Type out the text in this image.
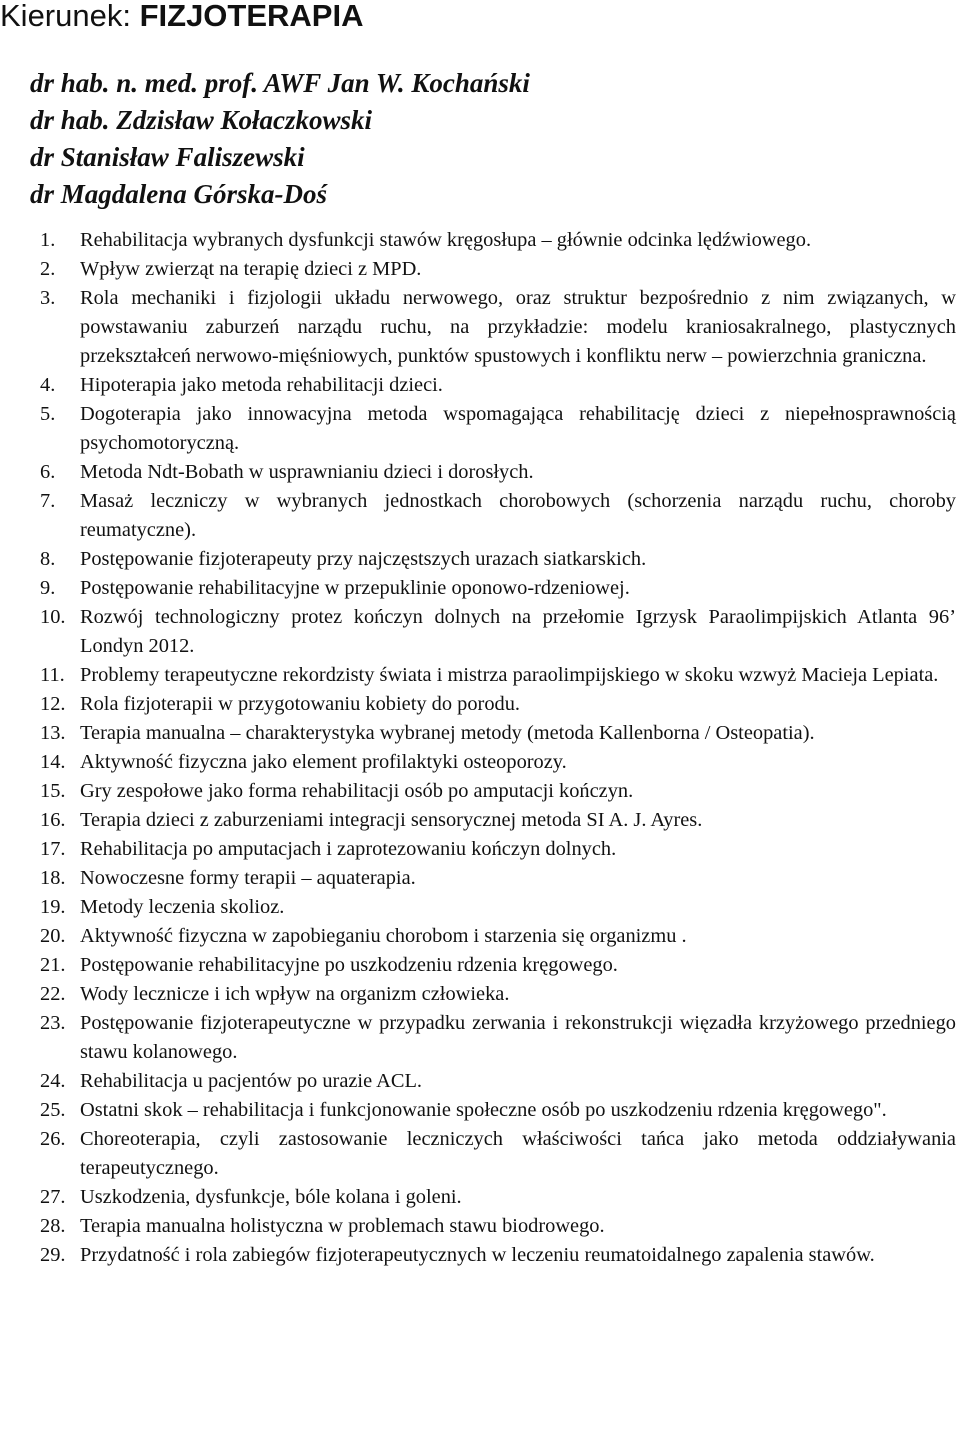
Kierunek: FIZJOTERAPIA
dr hab. n. med. prof. AWF Jan W. Kochański
dr hab. Zdzisław Kołaczkowski
dr Stanisław Faliszewski
dr Magdalena Górska-Doś
1.	Rehabilitacja wybranych dysfunkcji stawów kręgosłupa – głównie odcinka lędźwiowego.
2.	Wpływ zwierząt na terapię dzieci z MPD.
3.	Rola mechaniki i fizjologii układu nerwowego, oraz struktur bezpośrednio z nim związanych, w powstawaniu zaburzeń narządu ruchu, na przykładzie: modelu kraniosakralnego, plastycznych przekształceń nerwowo-mięśniowych, punktów spustowych i konfliktu nerw – powierzchnia graniczna.
4.	Hipoterapia jako metoda rehabilitacji dzieci.
5.	Dogoterapia jako innowacyjna metoda wspomagająca rehabilitację dzieci z niepełnosprawnością psychomotoryczną.
6.	Metoda Ndt-Bobath w usprawnianiu dzieci i dorosłych.
7.	Masaż leczniczy w wybranych jednostkach chorobowych (schorzenia narządu ruchu, choroby reumatyczne).
8.	Postępowanie fizjoterapeuty przy najczęstszych urazach siatkarskich.
9.	Postępowanie rehabilitacyjne w przepuklinie oponowo-rdzeniowej.
10. Rozwój technologiczny protez kończyn dolnych na przełomie Igrzysk Paraolimpijskich Atlanta 96’ Londyn 2012.
11. Problemy terapeutyczne rekordzisty świata i mistrza paraolimpijskiego w skoku wzwyż Macieja Lepiata.
12. Rola fizjoterapii w przygotowaniu kobiety do porodu.
13. Terapia manualna – charakterystyka wybranej metody (metoda Kallenborna / Osteopatia).
14. Aktywność fizyczna jako element profilaktyki osteoporozy.
15. Gry zespołowe jako forma rehabilitacji osób po amputacji kończyn.
16. Terapia dzieci z zaburzeniami integracji sensorycznej metoda SI A. J. Ayres.
17. Rehabilitacja po amputacjach i zaprotezowaniu kończyn dolnych.
18. Nowoczesne formy terapii – aquaterapia.
19. Metody leczenia skolioz.
20. Aktywność fizyczna w zapobieganiu chorobom i starzenia się organizmu .
21. Postępowanie rehabilitacyjne po uszkodzeniu rdzenia kręgowego.
22. Wody lecznicze i ich wpływ na organizm człowieka.
23. Postępowanie fizjoterapeutyczne w przypadku zerwania i rekonstrukcji więzadła krzyżowego przedniego stawu kolanowego.
24. Rehabilitacja u pacjentów po urazie ACL.
25. Ostatni skok – rehabilitacja i funkcjonowanie społeczne osób po uszkodzeniu rdzenia kręgowego".
26. Choreoterapia, czyli zastosowanie leczniczych właściwości tańca jako metoda oddziaływania terapeutycznego.
27. Uszkodzenia, dysfunkcje, bóle kolana i goleni.
28. Terapia manualna holistyczna w problemach stawu biodrowego.
29. Przydatność i rola zabiegów fizjoterapeutycznych w leczeniu reumatoidalnego zapalenia stawów.
